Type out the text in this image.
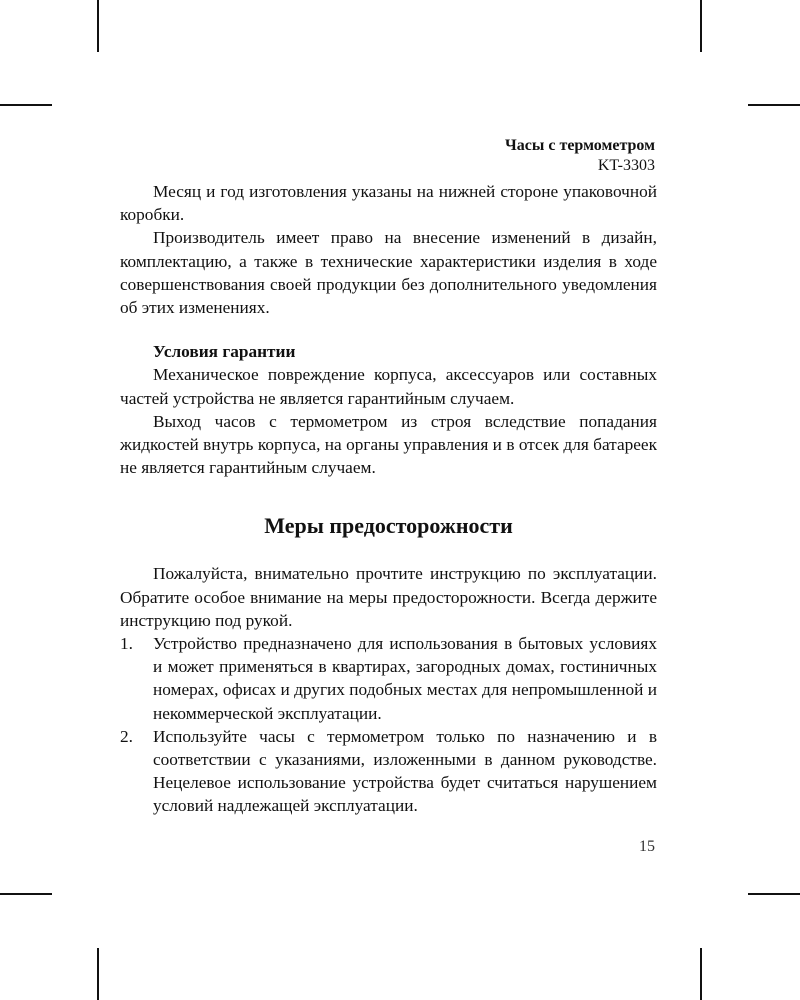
Часы с термометром
KT-3303

Месяц и год изготовления указаны на нижней стороне упаковочной коробки.

Производитель имеет право на внесение изменений в дизайн, комплектацию, а также в технические характеристики изделия в ходе совершенствования своей продукции без дополнительного уведомления об этих изменениях.

Условия гарантии

Механическое повреждение корпуса, аксессуаров или составных частей устройства не является гарантийным случаем.

Выход часов с термометром из строя вследствие попадания жидкостей внутрь корпуса, на органы управления и в отсек для батареек не является гарантийным случаем.

Меры предосторожности

Пожалуйста, внимательно прочтите инструкцию по эксплуатации. Обратите особое внимание на меры предосторожности. Всегда держите инструкцию под рукой.

1.	Устройство предназначено для использования в бытовых условиях и может применяться в квартирах, загородных домах, гостиничных номерах, офисах и других подобных местах для непромышленной и некоммерческой эксплуатации.
2.	Используйте часы с термометром только по назначению и в соответствии с указаниями, изложенными в данном руководстве. Нецелевое использование устройства будет считаться нарушением условий надлежащей эксплуатации.
15
